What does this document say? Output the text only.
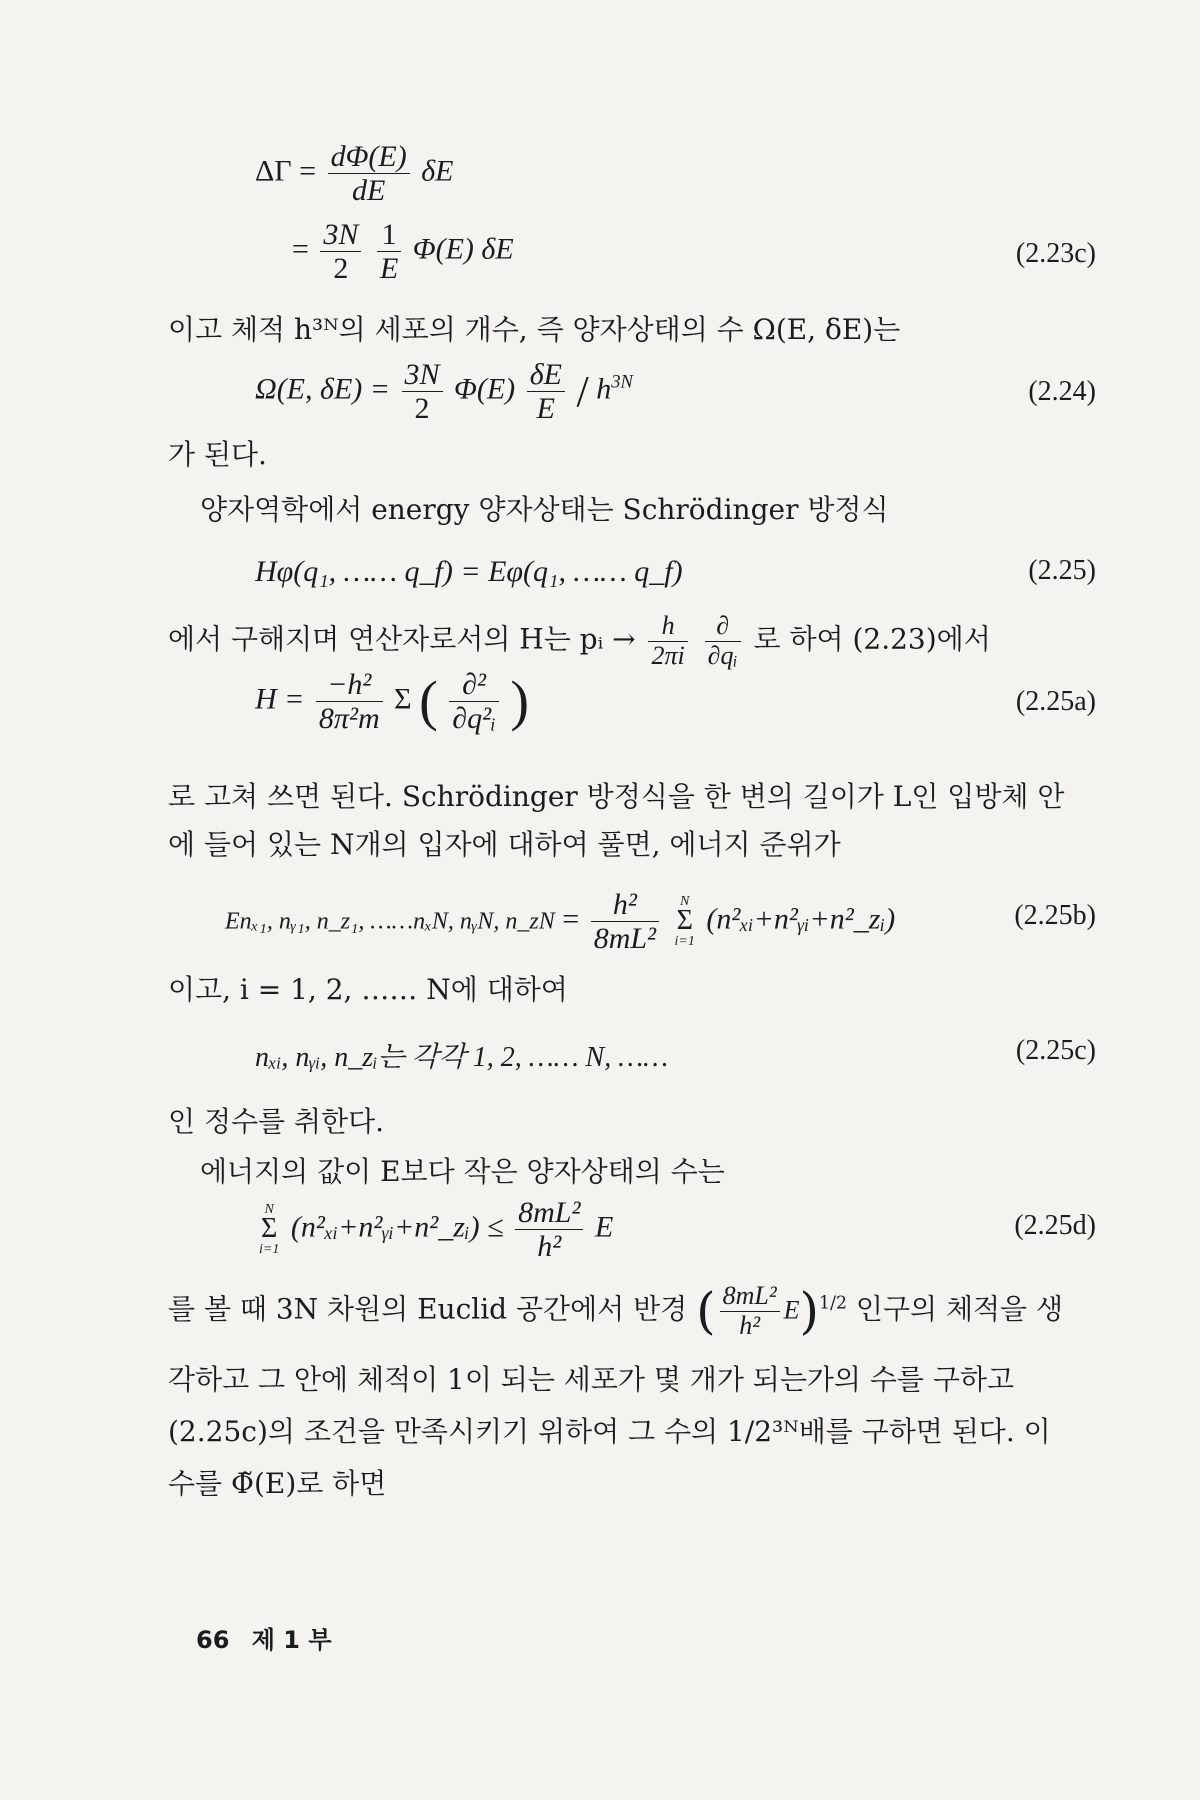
$\Delta\Gamma = \frac{d\Phi(E)}{dE}$ δE
= $\frac{3N}{2}$
$\frac{1}{E} \Phi(E)$ δE	(2.23c)
이고 체적 h³ᴺ의 세포의 개수, 즉 양자상태의 수 Ω(E, δE)는
Ω(E, $\delta E) = \frac{3N}{2} \Phi(E) \frac{\delta E}{E} / h^{3N}$	(2.24)
가 된다.
양자역학에서 energy 양자상태는 Schrödinger 방정식
Hφ(q₁, …… q_f) = Eφ(q₁, …… q_f)	(2.25)
에서 구해지며 연산자로서의 H는 pᵢ → $\frac{h}{2\pi i}$
$\frac{\partial}{\text{∂qᵢ}}$ 로 하여 (2.23)에서
$H = \frac{\text{−h²}}{\text{8π²m}}$ Σ ( $\frac{\text{∂²}}{\text{∂q²ᵢ}}$ )	(2.25a)
로 고쳐 쓰면 된다. Schrödinger 방정식을 한 변의 길이가 L인 입방체 안
에 들어 있는 N개의 입자에 대하여 풀면, 에너지 준위가
Enₓ₁, nᵧ₁, n_z₁, ……nₓN, nᵧN, n_zN = $\frac{\text{h²}}{\text{8mL²}}$
	N
Σ
i=1
(n²ₓᵢ+n²ᵧᵢ+n²_zᵢ)	(2.25b)
이고, i = 1, 2, …… N에 대하여
nₓᵢ, nᵧᵢ, n_zᵢ는 각각 1, 2, …… N, ……	(2.25c)
인 정수를 취한다.
에너지의 값이 E보다 작은 양자상태의 수는
N
Σ
i=1
(n²ₓᵢ+n²ᵧᵢ+n²_zᵢ) ≤ $\frac{\text{8mL²}}{\text{h²}}$ E	(2.25d)
를 볼 때 3N 차원의 Euclid 공간에서 반경 ( $\frac{\text{8mL²}}{\text{h²}} E)^{1/2}$ 인구의 체적을 생
각하고 그 안에 체적이 1이 되는 세포가 몇 개가 되는가의 수를 구하고
(2.25c)의 조건을 만족시키기 위하여 그 수의 1/2³ᴺ배를 구하면 된다. 이
수를 Φ̃(E)로 하면
66 제 1 부
